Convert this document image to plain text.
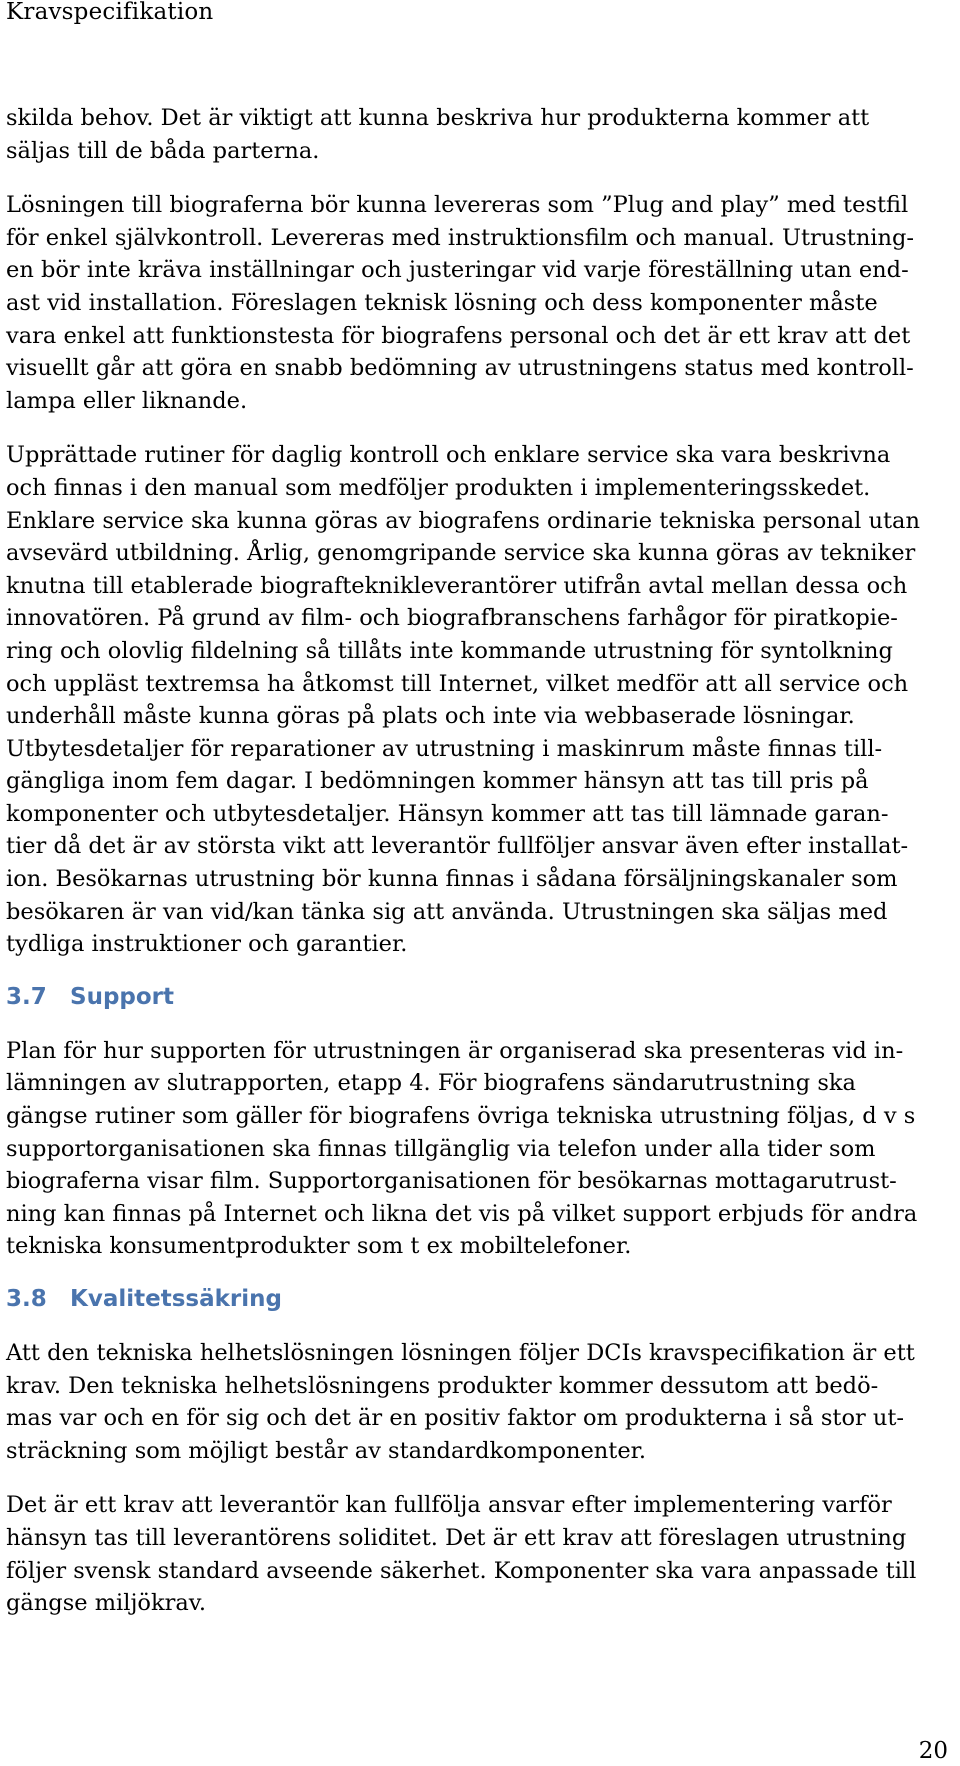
Kravspecifikation
skilda behov. Det är viktigt att kunna beskriva hur produkterna kommer att
säljas till de båda parterna.
Lösningen till biograferna bör kunna levereras som ”Plug and play” med testfil
för enkel självkontroll. Levereras med instruktionsfilm och manual. Utrustning-
en bör inte kräva inställningar och justeringar vid varje föreställning utan end-
ast vid installation. Föreslagen teknisk lösning och dess komponenter måste
vara enkel att funktionstesta för biografens personal och det är ett krav att det
visuellt går att göra en snabb bedömning av utrustningens status med kontroll-
lampa eller liknande.
Upprättade rutiner för daglig kontroll och enklare service ska vara beskrivna
och finnas i den manual som medföljer produkten i implementeringsskedet.
Enklare service ska kunna göras av biografens ordinarie tekniska personal utan
avsevärd utbildning. Årlig, genomgripande service ska kunna göras av tekniker
knutna till etablerade biografteknikleverantörer utifrån avtal mellan dessa och
innovatören. På grund av film- och biografbranschens farhågor för piratkopie-
ring och olovlig fildelning så tillåts inte kommande utrustning för syntolkning
och uppläst textremsa ha åtkomst till Internet, vilket medför att all service och
underhåll måste kunna göras på plats och inte via webbaserade lösningar.
Utbytesdetaljer för reparationer av utrustning i maskinrum måste finnas till-
gängliga inom fem dagar. I bedömningen kommer hänsyn att tas till pris på
komponenter och utbytesdetaljer. Hänsyn kommer att tas till lämnade garan-
tier då det är av största vikt att leverantör fullföljer ansvar även efter installat-
ion. Besökarnas utrustning bör kunna finnas i sådana försäljningskanaler som
besökaren är van vid/kan tänka sig att använda. Utrustningen ska säljas med
tydliga instruktioner och garantier.
3.7 Support
Plan för hur supporten för utrustningen är organiserad ska presenteras vid in-
lämningen av slutrapporten, etapp 4. För biografens sändarutrustning ska
gängse rutiner som gäller för biografens övriga tekniska utrustning följas, d v s
supportorganisationen ska finnas tillgänglig via telefon under alla tider som
biograferna visar film. Supportorganisationen för besökarnas mottagarutrust-
ning kan finnas på Internet och likna det vis på vilket support erbjuds för andra
tekniska konsumentprodukter som t ex mobiltelefoner.
3.8 Kvalitetssäkring
Att den tekniska helhetslösningen lösningen följer DCIs kravspecifikation är ett
krav. Den tekniska helhetslösningens produkter kommer dessutom att bedö-
mas var och en för sig och det är en positiv faktor om produkterna i så stor ut-
sträckning som möjligt består av standardkomponenter.
Det är ett krav att leverantör kan fullfölja ansvar efter implementering varför
hänsyn tas till leverantörens soliditet. Det är ett krav att föreslagen utrustning
följer svensk standard avseende säkerhet. Komponenter ska vara anpassade till
gängse miljökrav.
20
